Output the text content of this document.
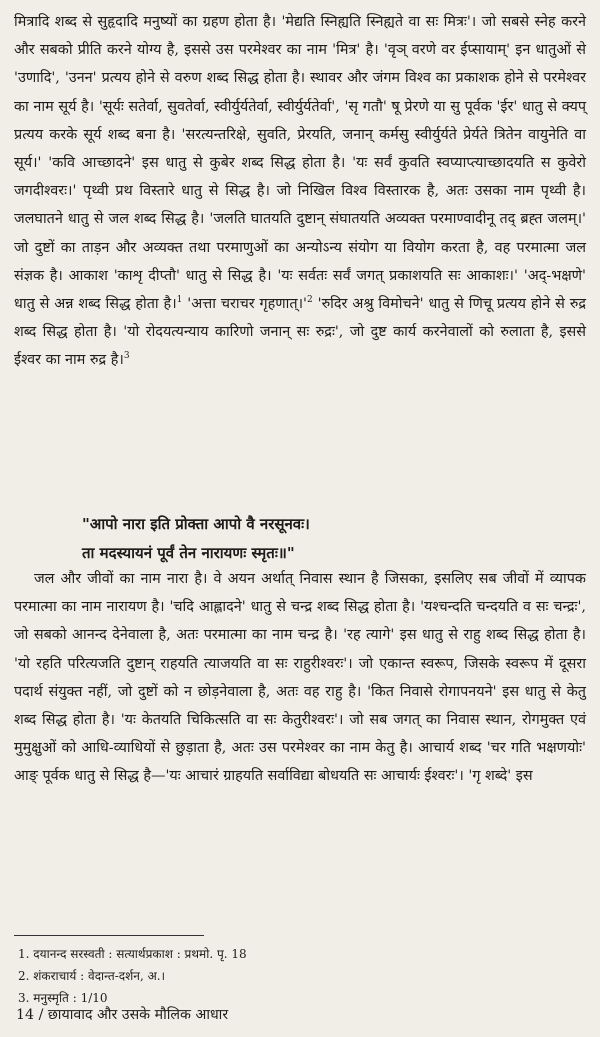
मित्रादि शब्द से सुहृदादि मनुष्यों का ग्रहण होता है। 'मेद्यति स्निह्यति स्निह्यते वा सः मित्रः'। जो सबसे स्नेह करने और सबको प्रीति करने योग्य है, इससे उस परमेश्वर का नाम 'मित्र' है। 'वृञ् वरणे वर ईप्सायाम्' इन धातुओं से 'उणादि', 'उनन' प्रत्यय होने से वरुण शब्द सिद्ध होता है। स्थावर और जंगम विश्व का प्रकाशक होने से परमेश्वर का नाम सूर्य है। 'सूर्यः सतेर्वा, सुवतेर्वा, स्वीर्युर्यतेर्वा, स्वीर्युर्यतेर्वा', 'सृ गतौ' षू प्रेरणे या सु पूर्वक 'ईर' धातु से क्यप् प्रत्यय करके सूर्य शब्द बना है। 'सरत्यन्तरिक्षे, सुवति, प्रेरयति, जनान् कर्मसु स्वीर्युर्यते प्रेर्यते त्रितेन वायुनेति वा सूर्य।' 'कवि आच्छादने' इस धातु से कुबेर शब्द सिद्ध होता है। 'यः सर्वं कुवति स्वप्याप्त्याच्छादयति स कुवेरो जगदीश्वरः।' पृथ्वी प्रथ विस्तारे धातु से सिद्ध है। जो निखिल विश्व विस्तारक है, अतः उसका नाम पृथ्वी है। जलघातने धातु से जल शब्द सिद्ध है। 'जलति घातयति दुष्टान् संघातयति अव्यक्त परमाण्वादीनू तद् ब्रह्त जलम्।' जो दुष्टों का ताड़न और अव्यक्त तथा परमाणुओं का अन्योऽन्य संयोग या वियोग करता है, वह परमात्मा जल संज्ञक है। आकाश 'काशृ दीप्तौ' धातु से सिद्ध है। 'यः सर्वतः सर्वं जगत् प्रकाशयति सः आकाशः।' 'अद्-भक्षणे' धातु से अन्न शब्द सिद्ध होता है।$^1$ 'अत्ता चराचर $गृहणात्।'^2$ 'रुदिर अश्रु विमोचने' धातु से णिचू प्रत्यय होने से रुद्र शब्द सिद्ध होता है। 'यो रोदयत्यन्याय कारिणो जनान् सः रुद्रः', जो दुष्ट कार्य करनेवालों को रुलाता है, इससे ईश्वर का नाम रुद्र है।$^3$

"आपो नारा इति प्रोक्ता आपो वै नरसूनवः।
ता मदस्यायनं पूर्वं तेन नारायणः स्मृतः॥"

जल और जीवों का नाम नारा है। वे अयन अर्थात् निवास स्थान है जिसका, इसलिए सब जीवों में व्यापक परमात्मा का नाम नारायण है। 'चदि आह्लादने' धातु से चन्द्र शब्द सिद्ध होता है। 'यश्चन्दति चन्दयति व सः चन्द्रः', जो सबको आनन्द देनेवाला है, अतः परमात्मा का नाम चन्द्र है। 'रह त्यागे' इस धातु से राहु शब्द सिद्ध होता है। 'यो रहति परित्यजति दुष्टान् राहयति त्याजयति वा सः राहुरीश्वरः'। जो एकान्त स्वरूप, जिसके स्वरूप में दूसरा पदार्थ संयुक्त नहीं, जो दुष्टों को न छोड़नेवाला है, अतः वह राहु है। 'कित निवासे रोगापनयने' इस धातु से केतु शब्द सिद्ध होता है। 'यः केतयति चिकित्सति वा सः केतुरीश्वरः'। जो सब जगत् का निवास स्थान, रोगमुक्त एवं मुमुक्षुओं को आधि-व्याधियों से छुड़ाता है, अतः उस परमेश्वर का नाम केतु है। आचार्य शब्द 'चर गति भक्षणयोः' आङ् पूर्वक धातु से सिद्ध है—'यः आचारं ग्राहयति सर्वाविद्या बोधयति सः आचार्यः ईश्वरः'। 'गृ शब्दे' इस

1. दयानन्द सरस्वती : सत्यार्थप्रकाश : प्रथमो. पृ. 18
2. शंकराचार्य : वेदान्त-दर्शन, अ.।
3. मनुस्मृति : 1/10
14 / छायावाद और उसके मौलिक आधार
